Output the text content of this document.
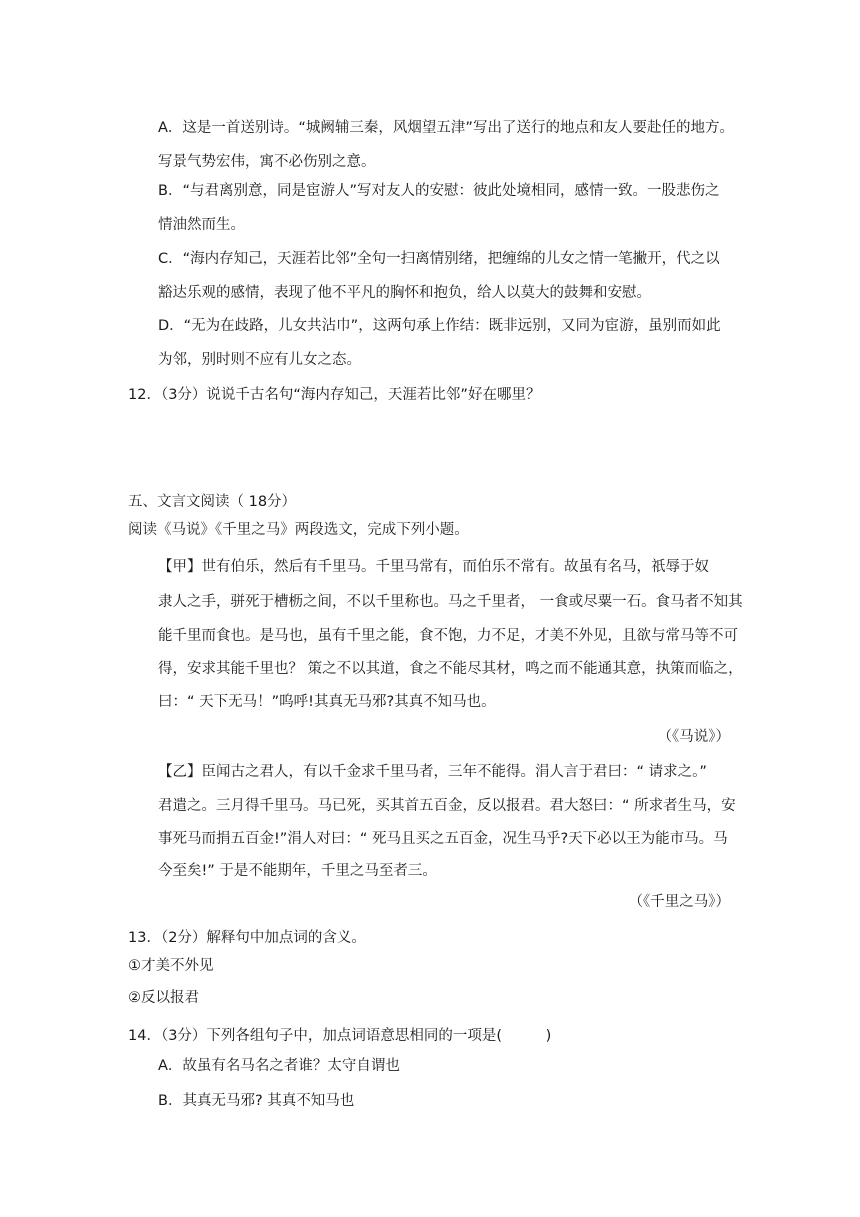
A．这是一首送别诗。“城阙辅三秦，风烟望五津”写出了送行的地点和友人要赴任的地方。
写景气势宏伟，寓不必伤别之意。
B．“与君离别意，同是宦游人”写对友人的安慰：彼此处境相同，感情一致。一股悲伤之
情油然而生。
C．“海内存知己，天涯若比邻”全句一扫离情别绪，把缠绵的儿女之情一笔撇开，代之以
豁达乐观的感情，表现了他不平凡的胸怀和抱负，给人以莫大的鼓舞和安慰。
D．“无为在歧路，儿女共沾巾”，这两句承上作结：既非远别，又同为宦游，虽别而如此
为邻，别时则不应有儿女之态。
12．（3分）说说千古名句“海内存知己，天涯若比邻”好在哪里？
五、文言文阅读（ 18分）
阅读《马说》《千里之马》两段选文，完成下列小题。
【甲】世有伯乐，然后有千里马。千里马常有，而伯乐不常有。故虽有名马，祇辱于奴
隶人之手，骈死于槽枥之间，不以千里称也。马之千里者， 一食或尽粟一石。食马者不知其
能千里而食也。是马也，虽有千里之能，食不饱，力不足，才美不外见，且欲与常马等不可
得，安求其能千里也？ 策之不以其道，食之不能尽其材，鸣之而不能通其意，执策而临之，
曰：“ 天下无马！”呜呼!其真无马邪?其真不知马也。
（《马说》）
【乙】臣闻古之君人，有以千金求千里马者，三年不能得。涓人言于君曰：“ 请求之。”
君遣之。三月得千里马。马已死，买其首五百金，反以报君。君大怒曰：“ 所求者生马，安
事死马而捐五百金!”涓人对曰：“ 死马且买之五百金，况生马乎?天下必以王为能市马。马
今至矣!” 于是不能期年，千里之马至者三。
（《千里之马》）
13．（2分）解释句中加点词的含义。
①才美不外见
②反以报君
14．（3分）下列各组句子中，加点词语意思相同的一项是(　　　)
A．故虽有名马名之者谁？太守自谓也
B．其真无马邪? 其真不知马也
